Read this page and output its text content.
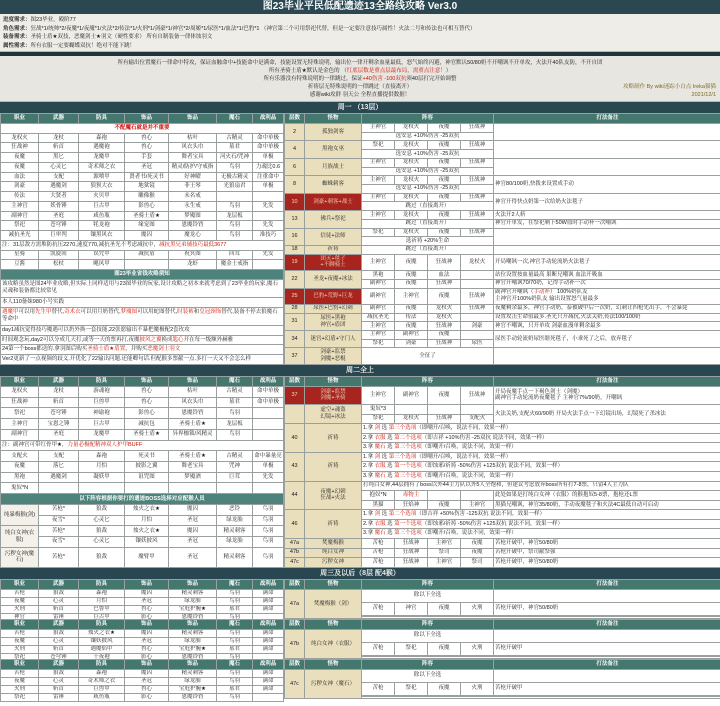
图23毕业平民低配遗迹13全路线攻略 Ver3.0
进度需求：图23毕业，殿阶77
角色需求：狂战*1/统帅*2/夜魔*1/夜魇*1/火法*2/传法*1/火刑*1/剑豪*1/神官*2/周姬*1/尿医*1/血法*1/巴豹*1 （神官第二个可用祭祀代替，但是一定要注意技巧属性！火法二号和传法也可相互替代）
装备需求：圣骑士盾★双技，恶魔剑士★羽文（硬性要求） 所有自制装备一律体蚀羽文
属性需求：所有衣服一定要蝴蝶双抗！绝对不能下跳！
所有输出位置魔石一律命中特攻，保证血触命中+技能命中是满命，技能设置无特殊说明，输出位一律开剩余血量最低，怒气始终闪避，神官默认50/80奶不开嘲讽不开单攻，火法开40队友防，不开自团
所有圣骑士盾★默认是金色的 （红底层数是重点层最布局，需重点注意！）
所有乐器没有特殊说明的一律跳过，保证+40伤害 -100双抗须40层打完开始调整
祈祷层无特殊说明的一律跳过（直接离开）
感谢wiki攻群 羽天公 全程直播提供数据！
攻略制作 By wiki迷踪小白点 Ireka猫猫
2021/12/1
周一 （13层）
职业	武器	防具	饰品	饰品	魔石	战利品
不配魔石就是并不重要						
龙权火	龙杖	森袍	兽心	枯叶	古精灵	命中单极
狂战神	斩首	遇魔袍	兽心	风衣头巾	墓君	命中单极
夜魔	黑匕	龙魔甲	手套	舞者宝具	河火石/咒神	单极
夜魔	心灵匕	奇术师之衣	圣冠	精灵/防护/守戒指	鸟羽	力魂比0.6
血法	支配	源喷甲	贤者书/死灵书	好神曜	无极古精灵	注重命中
剑豪	遇魔剑	狼狈大衣	地狱镜	菲王琴	光狼扇君	单极
传法	大贤者	火贝甲	雕像猴	未名戒		
主神官	妖骨锤	巨古甲	影兽心	永生戒	鸟羽	先发
副神官	圣庭	咸鱼瓶	圣骑士盾★	梦魇图	龙层板	
祭祀	苍穹锤	牦龙袍	缘宠图	恩魔铃铛	鸟羽	先发
减抗圣光	巨审判	镶黑风衣	魔囚	魔龙心	鸟羽	准技巧
注：31层敌方需堆防抗压2270,速度770,减抗圣光不考虑减抗中，减抗黑兄弟辅技巧最低3677						
星骑	凯旋间	误咒甲	减抗盾	祝冥图	回茸	先发
豆酱	松杖	飓风甲		龙虾	魔金士戒指	
图23毕业省钱攻略须知						
该攻略虽然是图24毕业攻略,但实际上同样适用与23图毕业的玩家,设计攻略之初本来就考虑到了23毕业的玩家,魔石灵魂和装备都比较常见						
本人110备妹980小号实践						
遇魔甲可以用先生甲替代,奇术衣可以用月奶替代,梦魇图可以用蛇图替代,时装裤和皇冠颈饰替代,装备不停去狼魔石等命中						
day1减抗觉得技巧魔遇可以扔外换一套技能,22张愿输出不暴把魔极配2套玫攻						
时间观念玩,day2可以分成几天打,或等一天的票再打,夜魔披风之翼换成匙心开在每一级额外赫雅						
24第一个boss都送的.拿羽图后购买圣骑士盾★盾置，并购买恶魔剑士羽文						
Ver2更新了一点视频的歧义.开优化了22输出问题.还能卿句话.但配猴多票献一点.多打一天又不会怎么样						
层数	怪物	阵容				打法备注
2	孤独剑客	主神官	龙权火	夜魔	狂战神	
		选安息 +10%伤害 -25双抗				
4	黑袍女巫	祭祀	龙权火	夜魔	狂战神	
		选安息 +10%伤害 -25双抗				
6	月族战士	主神官	龙权火	夜魔	狂战神	
		选安息 +10%伤害 -25双抗				
8	蜘蛛刺客	主神官	龙权火	夜魔	狂战神	神官80/100奶,快拨来设置成手动
		选安息 +10%伤害 -25双抗				
10	剑豪+刺客+战士	主神官	龙权火	夜魔	狂战神	神官开得快点奶第一次给奶火法毯子
		跳过（直接离开）				
13	佛兵+祭祀	主神官	龙权火	夜魔	狂战神	火法开2人斩
		跳过（直接离开）				神官开单发，在祭祀剩下50W血时手动补一次嘲讽
16	信徒+法师	祭祀	龙权火	夜魔	狂战神	
		选祈祷 +20%生命				
18	祈祷	跳过（直接离开）				
19	团灭+毯子
+不聊骑士	主神官	夜魔	狂战神	龙杖火	开局嘲讽一次,神官手动轮流奶火法毯子
22	圣龙+夜魔+冰法	黑袍	夜魔	血法		站位设置按血量最高 果断兄嘲讽 血法开吸血
		副神官	夜魔	狂战神		神官开嘲讽70/70奶，记得手动补一次
25	巴豹+荒野+巨龙	副神官	主神官	夜魔	狂战神	副神官开嘲讽（手动补） 100%奶队友
主神官开100%奶队友 输出设置怒气量最多
28	尿医+巴豹+幻刺	副神官	夜魔	龙权火	狂战神	夜魔剩余最多，神官手动奶，泰被破甲后一次奶，幻刺让四枪先出手，不会暴毙
31	尿医+黑袍
神官+盾团	减抗圣光	传法	龙权火		设置攻击生命值最多.圣光只开减抗,火法关奶,传法100/100奶
		主神官	夜魔	狂战神	剑豪	神官不嘲讽，只开单攻 剑豪血漫单剩余最多
34	迷宫+幻盾+守门人	主神官	副神官	夜魔		尿医手动轮流奶尿医瞎死毯子，小乖死了之后，放弃毯子
		祭祀	剑豪	狂战神	尿医	
37	剑豪+监禁
剑魔+恶棍	全征了				
周二全上
职业	武器	防具	饰品	饰品	魔石	战利品
龙权火	龙杖	游魂袍	兽心	枯叶	古精灵	命中单极
狂战神	斩首	巨兽甲	兽心	风衣头巾	墓君	命中单极
祭祀	苍穹锤	神谕袍	影兽心	恩魔铃铛	鸟羽	
主神官	宝恩之锤	巨古甲	减抗包	圣骑士盾★	龙层板	
副神官	圣庭	龙魔甲	圣骑士盾★	异界枷锁/风精灵	鸟羽	
注：副神官可带红骨甲★，力量必极配精神双人护甲BUFF						
支配火	支配	森袍	死灵书	圣骑士盾★	古精灵	命中暴量亮
夜魔	落匕	月怕	披影之翼	舞老宝具	咒神	单极
黑袍	遇魔剑	凝妖甲	诅咒图	梦魇酒	巨茸	先发
鬼奴*N						
以下阵容根据你要打的遗迹BOSS选择对应配猴人员						
纯暴梅猴(剑)	苦枪*	狼裁	烛火之衣★	魔囚	恶铃	鸟羽
	夜雪*	心灵匕	月怕	圣冠	绿龙胎	鸟羽
纯白女神(衣服)	苦枪*	狼裁	烛火之衣★	魔囚	精灵刺客	鸟羽
	夜雪*	心灵匕	镶妖披风	圣冠	绿龙胎	鸟羽
污秽女神(魔石)	苦枪*	狼裁	魔臂甲	圣冠	精灵刺客	鸟羽
层数	怪物	阵容				打法备注
37	剑豪+监禁
剑魔+圣骑	主神官	副神官	夜魔	狂战神	开局夜魔手点一下褐色剑士（剑魔）
副神官手动轮流奶夜魔毯子 主神官7%/90奶，开嘲讽
	虚空+魂盗
幻镜+冰法	鬼奴*3				火法关奶,支配火60/90奶 开局火法手点一下幻镜出场，幻镜死了杀冰法
		祭祀	龙权火	狂战神	支配火	
40	祈祷	1.拿 剑 选 第三个选项（即嘲开/召唤，说法不同，效果一样）				
		2.拿 衣服 选 第二个选项（即吉祥 +10%伤害 -25双抗 说法不同，效果一样）				
		3.拿 魔石 选 第三个选项（即嘲开/召唤，说法不同，效果一样）				
43	祈祷	1.拿 剑 选 第三个选项（即嘲开/召唤，说法不同，效果一样）				
		2.拿 衣服 选 第一个选项（即蚀邪/祈祷 -50%伤害 +125双抗 说法不同，效果一样）				
		3.拿 魔石 选 第三个选项（即嘲开/召唤，说法不同，效果一样）				
44	夜魔+幻刺
狂战+火法	打纯白女神,44层拥有了boss以外44主力队以外5人全饱和，但建议考虑放弃boss所有打7-8票，只留4人主力队				
		抱奴*N	毒物主			此处如果是打纯白女神（衣服）的猴抱奴5-8票，抱枪还L票
		黑猫	狂焰神	夜魔	主神官	黑猫兄嘲讽，神官35/80奶，手动夜魔毯子和火法4C最低自动可启动
46	祈祷	1.拿 剑 选 第二个选项（即吉祥 +50%伤害 -125双抗 说法不同，效果一样）				
		2.拿 衣服 选 第一个选项（即蚀邪/祈祷 -50%伤害 +125双抗 说法不同，效果一样）				
		3.拿 魔石 选 第三个选项（即嘲开/召唤，说法不同，效果一样）				
47a	焚魔梅猴	苦枪	狂战神	主神官	夜魔	苦枪开破甲，神官50/80奶
47b	纯白女神	苦枪	狂战神	祭司	夜魔	苦枪开破甲，祭司献祭强
47c	污秽女神	苦枪	狂战神	主神官	祭司	苦枪开破甲，神官50/80奶
周三及以后（8层 配4猴）
职业	武器	防具	饰品	饰品	魔石	战利品
苦枪	狼裁	森袍	魔囚	精灵刺客	鸟羽	满命
夜魔	心灵	月怕	圣冠	绿龙胎	鸟羽	满命
火刑	斩首	巴鲁甲	兽心	宝庭护腕★	墓君	满命
神官	雷锤	巨古甲	影心	恩魔铃铛	鸟羽	
层数	怪物	阵容				打法备注
47a	焚魔梅猴（剑）	除以下全选				
		苦枪	神官	夜魔	火刑	苦枪开破甲，神官50/80奶

职业	武器	防具	饰品	饰品	魔石	战利品
苦枪	狼裁	烛火之衣★	魔囚	精灵刺客	鸟羽	满命
夜魔	心灵	镶妖披风	圣冠	绿龙胎	鸟羽	满命
火刑	斩首	遇魔焰甲	兽心	宝庭护腕★	墓君	满命
祭祀	苍穹锤	千夜袍	影心	恩魔铃铛	鸟羽	
层数	怪物	阵容				打法备注
47b	纯白女神（衣服）	除以下全选				
		苦枪	祭祀	夜魔	火刑	苦枪开破甲

职业	武器	防具	饰品	饰品	魔石	战利品
苦枪	狼裁	森袍	魔囚	精灵刺客	鸟羽	满命
夜魔	心灵	奇术师之衣	圣冠	绿龙胎	鸟羽	满命
火刑	斩首	巨兽甲	兽心	宝庭护腕★	墓君	满命
祭祀	雷锤	咸鱼瓶	影心	恩魔铃铛	鸟羽	
层数	怪物	阵容				打法备注
47c	污秽女神（魔石）	除以下全选				
		苦枪	祭祀	夜魔	火刑	苦枪开破甲
